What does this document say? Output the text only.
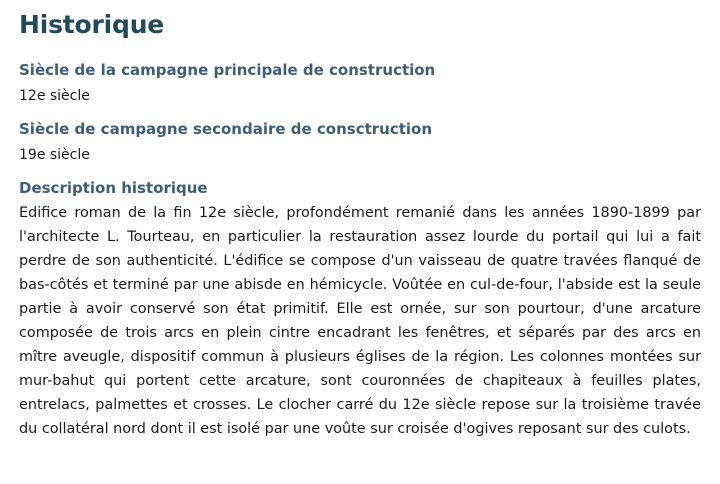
Historique
Siècle de la campagne principale de construction
12e siècle
Siècle de campagne secondaire de consctruction
19e siècle
Description historique
Edifice roman de la fin 12e siècle, profondément remanié dans les années 1890-1899 par l'architecte L. Tourteau, en particulier la restauration assez lourde du portail qui lui a fait perdre de son authenticité. L'édifice se compose d'un vaisseau de quatre travées flanqué de bas-côtés et terminé par une abisde en hémicycle. Voûtée en cul-de-four, l'abside est la seule partie à avoir conservé son état primitif. Elle est ornée, sur son pourtour, d'une arcature composée de trois arcs en plein cintre encadrant les fenêtres, et séparés par des arcs en mître aveugle, dispositif commun à plusieurs églises de la région. Les colonnes montées sur mur-bahut qui portent cette arcature, sont couronnées de chapiteaux à feuilles plates, entrelacs, palmettes et crosses. Le clocher carré du 12e siècle repose sur la troisième travée du collatéral nord dont il est isolé par une voûte sur croisée d'ogives reposant sur des culots.
